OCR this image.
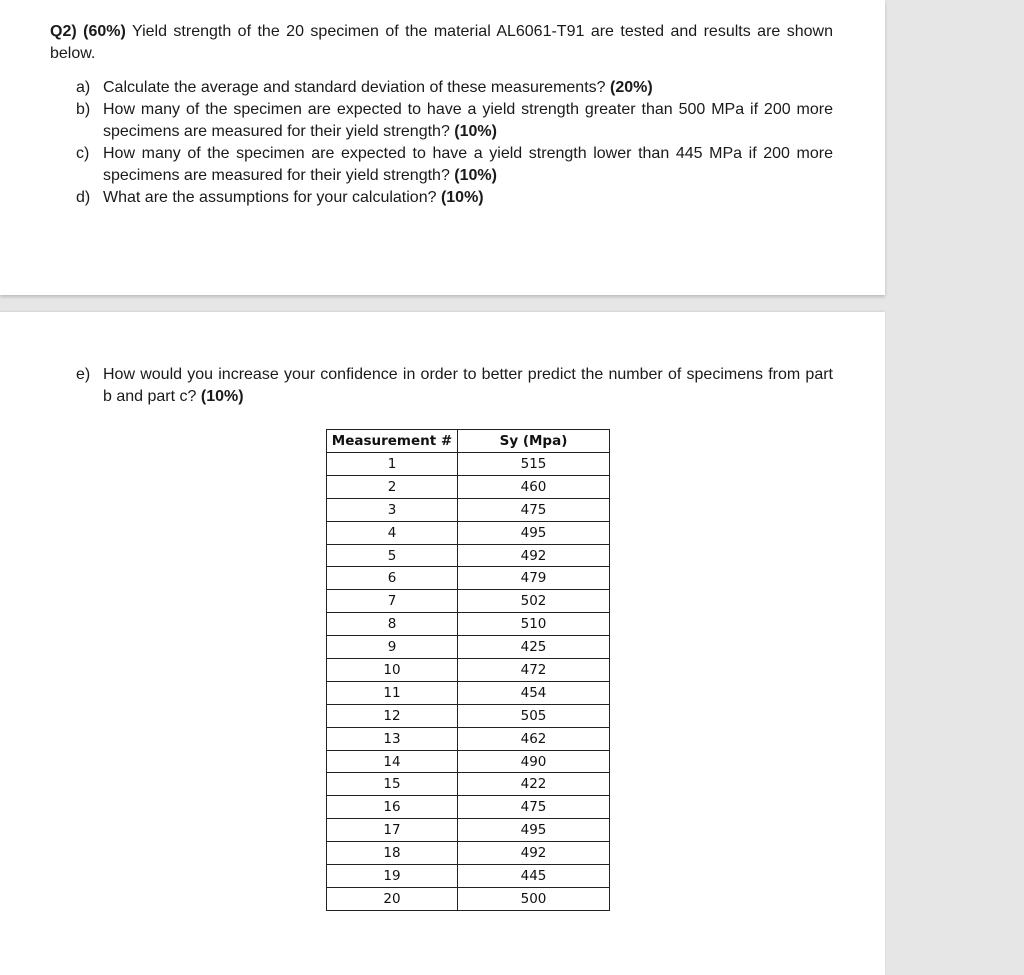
Q2) (60%) Yield strength of the 20 specimen of the material AL6061-T91 are tested and results are shown below.
a) Calculate the average and standard deviation of these measurements? (20%)
b) How many of the specimen are expected to have a yield strength greater than 500 MPa if 200 more specimens are measured for their yield strength? (10%)
c) How many of the specimen are expected to have a yield strength lower than 445 MPa if 200 more specimens are measured for their yield strength? (10%)
d) What are the assumptions for your calculation? (10%)
e) How would you increase your confidence in order to better predict the number of specimens from part b and part c? (10%)
Measurement #	Sy (Mpa)
1	515
2	460
3	475
4	495
5	492
6	479
7	502
8	510
9	425
10	472
11	454
12	505
13	462
14	490
15	422
16	475
17	495
18	492
19	445
20	500
